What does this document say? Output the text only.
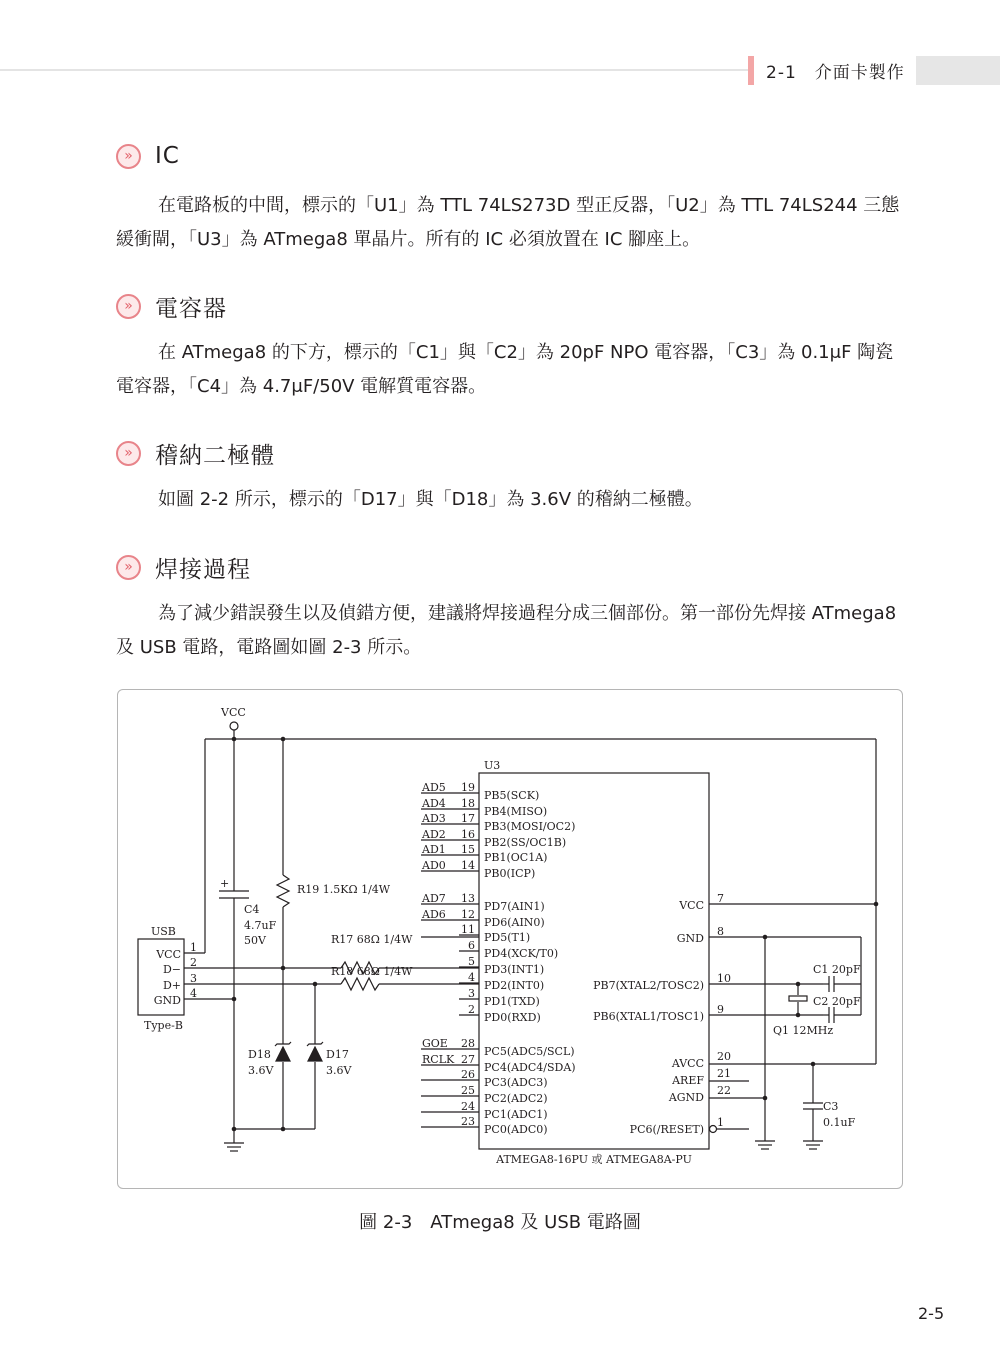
2-1　介面卡製作
» IC

在電路板的中間，標示的「U1」為 TTL 74LS273D 型正反器，「U2」為 TTL 74LS244 三態緩衝閘，「U3」為 ATmega8 單晶片。所有的 IC 必須放置在 IC 腳座上。

» 電容器

在 ATmega8 的下方，標示的「C1」與「C2」為 20pF NPO 電容器，「C3」為 0.1μF 陶瓷電容器，「C4」為 4.7μF/50V 電解質電容器。

» 稽納二極體

如圖 2-2 所示，標示的「D17」與「D18」為 3.6V 的稽納二極體。

» 焊接過程

為了減少錯誤發生以及偵錯方便，建議將焊接過程分成三個部份。第一部份先焊接 ATmega8 及 USB 電路，電路圖如圖 2-3 所示。

VCC
U3
USB
VCC
D−
D+
GND
1
2
3
4
Type-B
+
C4
4.7uF
50V
R19 1.5KΩ 1/4W
R17 68Ω 1/4W
R18 68Ω 1/4W
D18
3.6V
D17
3.6V
AD5
AD4
AD3
AD2
AD1
AD0
AD7
AD6
GOE
RCLK
19
18
17
16
15
14
13
12
11
6
5
4
3
2
28
27
26
25
24
23
PB5(SCK)
PB4(MISO)
PB3(MOSI/OC2)
PB2(SS/OC1B)
PB1(OC1A)
PB0(ICP)
PD7(AIN1)
PD6(AIN0)
PD5(T1)
PD4(XCK/T0)
PD3(INT1)
PD2(INT0)
PD1(TXD)
PD0(RXD)
PC5(ADC5/SCL)
PC4(ADC4/SDA)
PC3(ADC3)
PC2(ADC2)
PC1(ADC1)
PC0(ADC0)
VCC
GND
PB7(XTAL2/TOSC2)
PB6(XTAL1/TOSC1)
AVCC
AREF
AGND
PC6(/RESET)
7
8
10
9
20
21
22
1
ATMEGA8-16PU 或 ATMEGA8A-PU
C1 20pF
C2 20pF
Q1 12MHz
C3
0.1uF
圖 2-3　ATmega8 及 USB 電路圖
2-5
